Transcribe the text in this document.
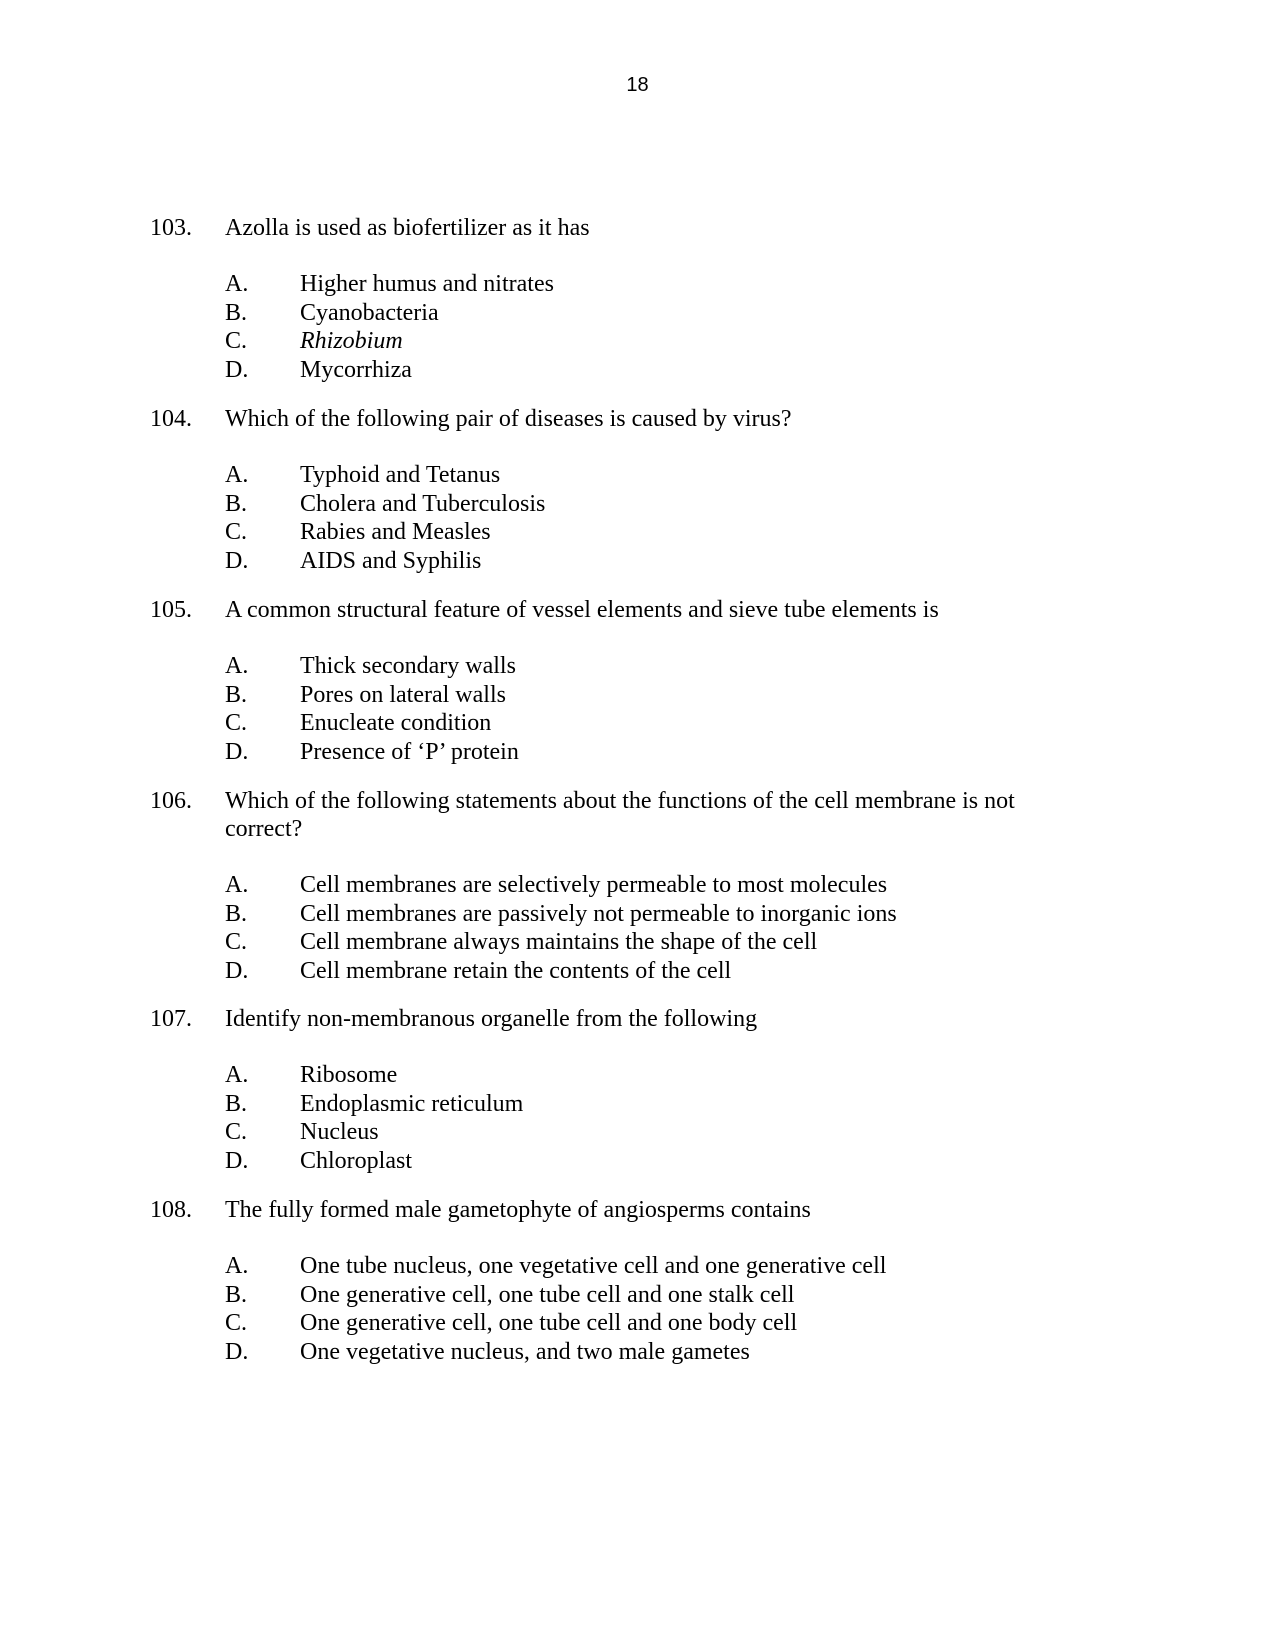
18
103. Azolla is used as biofertilizer as it has
A. Higher humus and nitrates
B. Cyanobacteria
C. Rhizobium
D. Mycorrhiza
104. Which of the following pair of diseases is caused by virus?
A. Typhoid and Tetanus
B. Cholera and Tuberculosis
C. Rabies and Measles
D. AIDS and Syphilis
105. A common structural feature of vessel elements and sieve tube elements is
A. Thick secondary walls
B. Pores on lateral walls
C. Enucleate condition
D. Presence of ‘P’ protein
106. Which of the following statements about the functions of the cell membrane is not correct?
A. Cell membranes are selectively permeable to most molecules
B. Cell membranes are passively not permeable to inorganic ions
C. Cell membrane always maintains the shape of the cell
D. Cell membrane retain the contents of the cell
107. Identify non-membranous organelle from the following
A. Ribosome
B. Endoplasmic reticulum
C. Nucleus
D. Chloroplast
108. The fully formed male gametophyte of angiosperms contains
A. One tube nucleus, one vegetative cell and one generative cell
B. One generative cell, one tube cell and one stalk cell
C. One generative cell, one tube cell and one body cell
D. One vegetative nucleus, and two male gametes
